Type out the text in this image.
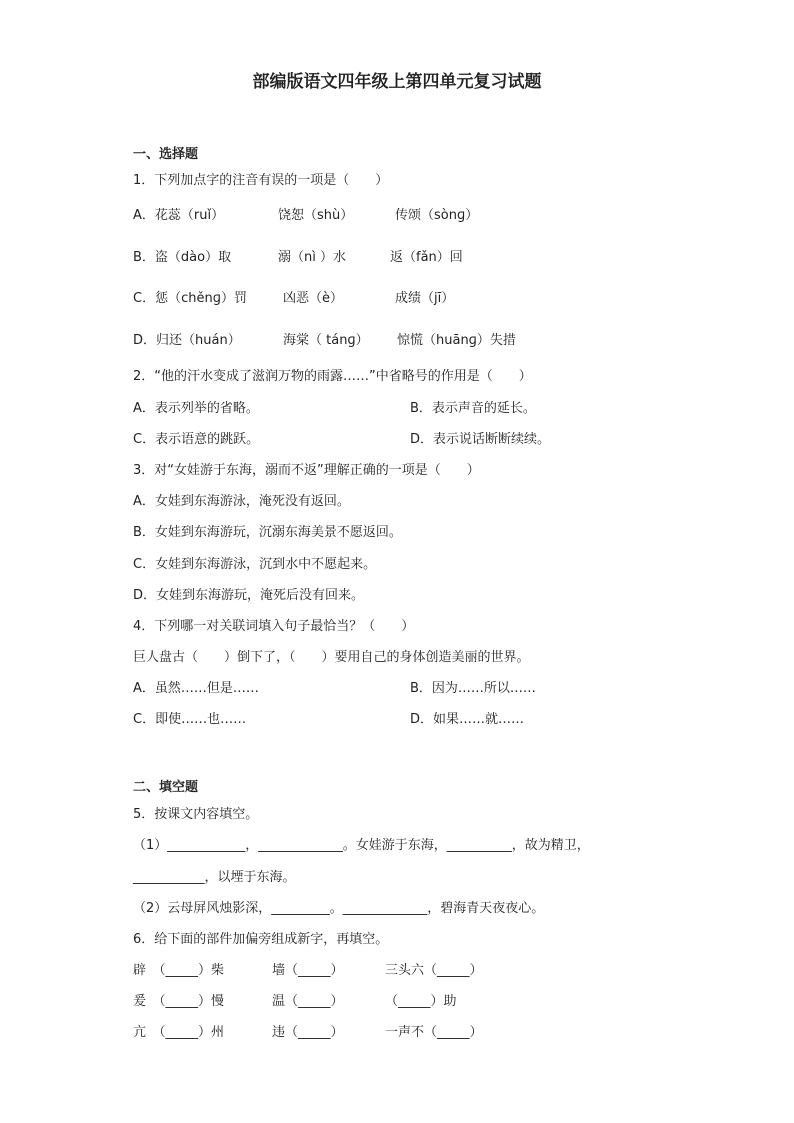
部编版语文四年级上第四单元复习试题
一、选择题
1．下列加点字的注音有误的一项是（　　）
A．花蕊（ruǐ）	饶恕（shù）	传颂（sònɡ）
B．盗（dào）取	溺（nì ）水	返（fǎn）回
C．惩（chěnɡ）罚	凶恶（è）	成绩（jī）
D．归还（huán）	海棠（ tánɡ） 惊慌（huānɡ）失措
2．“他的汗水变成了滋润万物的雨露……”中省略号的作用是（　　）
A．表示列举的省略。	B．表示声音的延长。
C．表示语意的跳跃。	D．表示说话断断续续。
3．对“女娃游于东海，溺而不返”理解正确的一项是（　　）
A．女娃到东海游泳，淹死没有返回。
B．女娃到东海游玩，沉溺东海美景不愿返回。
C．女娃到东海游泳，沉到水中不愿起来。
D．女娃到东海游玩，淹死后没有回来。
4．下列哪一对关联词填入句子最恰当？（　　）
巨人盘古（　　）倒下了，（　　）要用自己的身体创造美丽的世界。
A．虽然……但是……	B．因为……所以……
C．即使……也……	D．如果……就……
二、填空题
5．按课文内容填空。
（1）____________，_____________。女娃游于东海，__________，故为精卫，
___________，以堙于东海。
（2）云母屏风烛影深，_________。_____________，碧海青天夜夜心。
6．给下面的部件加偏旁组成新字，再填空。
辟　（_____）柴	墙（_____）	三头六（_____）
爰　（_____）慢	温（_____）	（_____）助
亢　（_____）州	违（_____）	一声不（_____）
